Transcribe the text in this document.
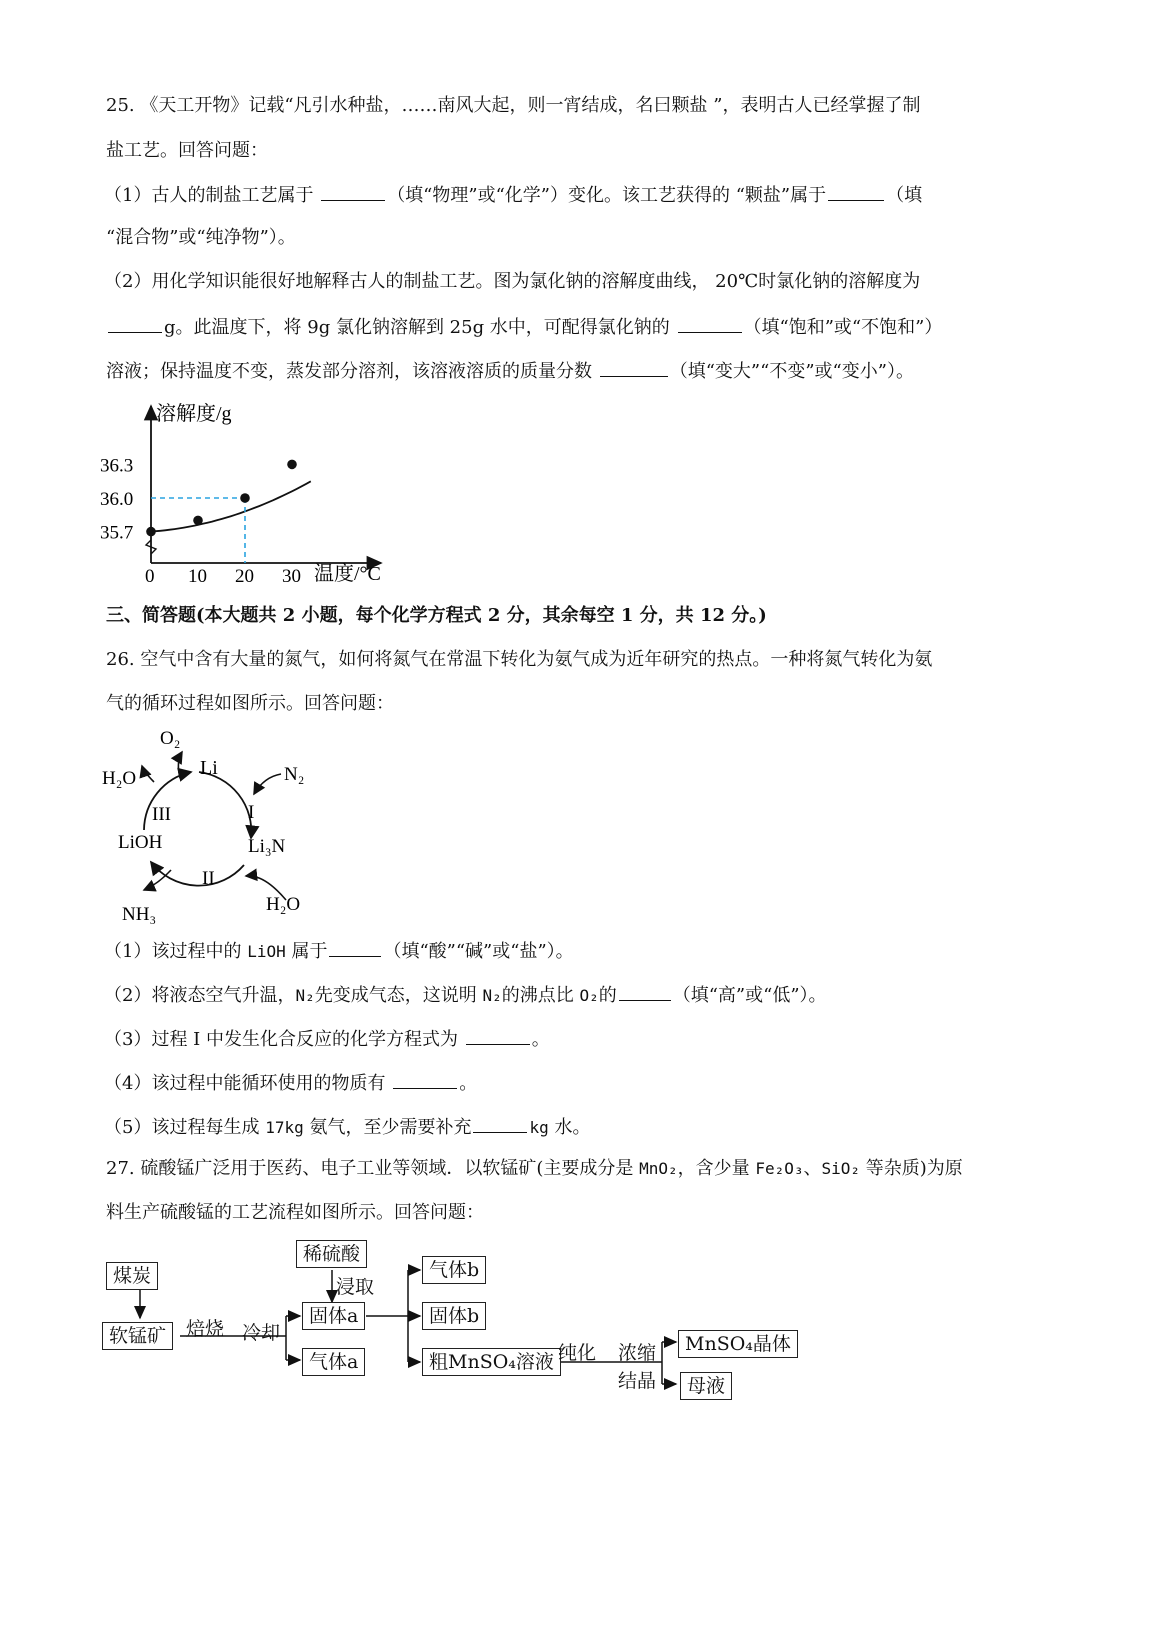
25. 《天工开物》记载“凡引水种盐，……南风大起，则一宵结成，名曰颗盐 ”，表明古人已经掌握了制
盐工艺。回答问题：
（1）古人的制盐工艺属于	（填“物理”或“化学”）变化。该工艺获得的 “颗盐”属于	（填
“混合物”或“纯净物”）。
（2）用化学知识能很好地解释古人的制盐工艺。图为氯化钠的溶解度曲线， 20℃时氯化钠的溶解度为
g。此温度下，将 9g 氯化钠溶解到 25g 水中，可配得氯化钠的	（填“饱和”或“不饱和”）
溶液；保持温度不变，蒸发部分溶剂，该溶液溶质的质量分数	（填“变大”“不变”或“变小”）。
溶解度/g
温度/°C
0 10 20 30
35.7
36.0
36.3
三、简答题(本大题共 2 小题，每个化学方程式 2 分，其余每空 1 分，共 12 分。)
26. 空气中含有大量的氮气，如何将氮气在常温下转化为氨气成为近年研究的热点。一种将氮气转化为氨
气的循环过程如图所示。回答问题：
O₂
Li
H₂O	N₂
I
III
LiOH	Li₃N
II
NH₃	H₂O
（1）该过程中的 LiOH 属于	（填“酸”“碱”或“盐”）。
（2）将液态空气升温，N₂先变成气态，这说明 N₂的沸点比 O₂的	（填“高”或“低”）。
（3）过程 Ⅰ 中发生化合反应的化学方程式为	。
（4）该过程中能循环使用的物质有	。
（5）该过程每生成 17kg 氨气，至少需要补充	kg 水。
27. 硫酸锰广泛用于医药、电子工业等领域．以软锰矿(主要成分是 MnO₂，含少量 Fe₂O₃、SiO₂ 等杂质)为原
料生产硫酸锰的工艺流程如图所示。回答问题：
煤炭
软锰矿	焙烧 冷却
稀硫酸
浸取
固体a
气体a
气体b
固体b
粗MnSO₄溶液 纯化 浓缩
结晶
MnSO₄晶体
母液
